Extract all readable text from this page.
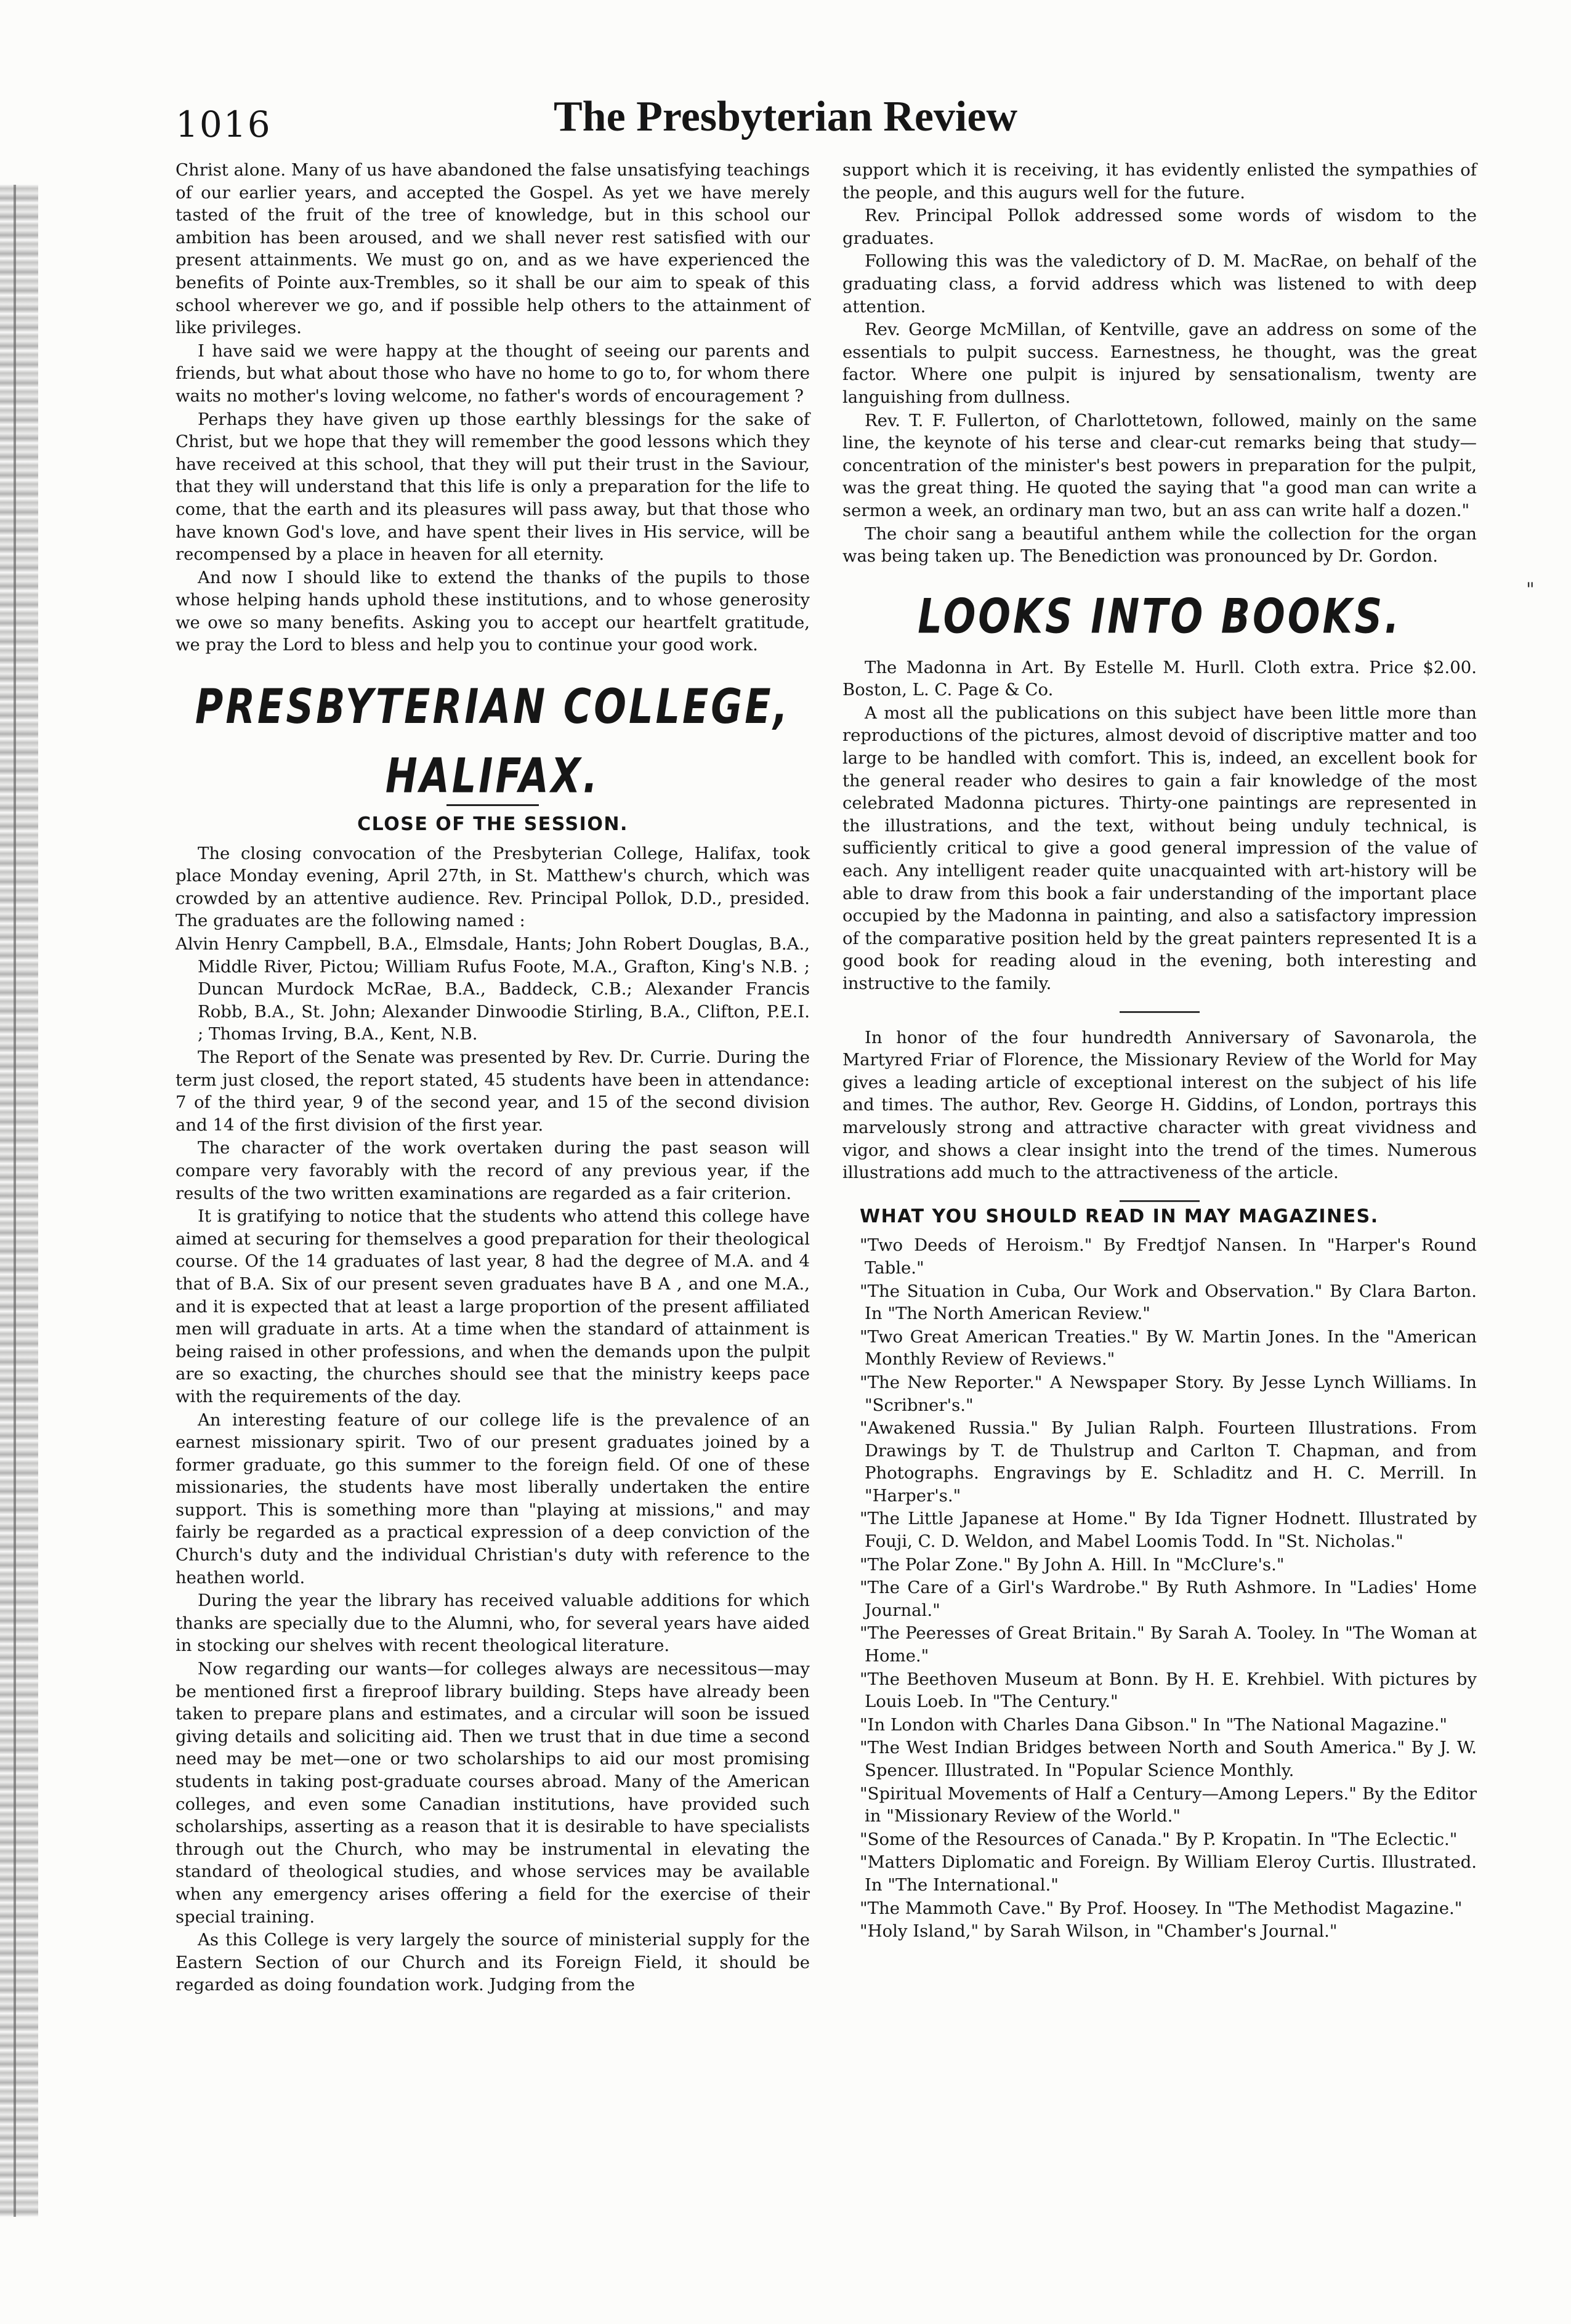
1016	The Presbyterian Review
"

Christ alone. Many of us have abandoned the false unsatisfying teachings of our earlier years, and accepted the Gospel. As yet we have merely tasted of the fruit of the tree of knowledge, but in this school our ambition has been aroused, and we shall never rest satisfied with our present attainments. We must go on, and as we have experienced the benefits of Pointe aux-Trembles, so it shall be our aim to speak of this school wherever we go, and if possible help others to the attainment of like privileges.

I have said we were happy at the thought of seeing our parents and friends, but what about those who have no home to go to, for whom there waits no mother's loving welcome, no father's words of encouragement ?

Perhaps they have given up those earthly blessings for the sake of Christ, but we hope that they will remember the good lessons which they have received at this school, that they will put their trust in the Saviour, that they will understand that this life is only a preparation for the life to come, that the earth and its pleasures will pass away, but that those who have known God's love, and have spent their lives in His service, will be recompensed by a place in heaven for all eternity.

And now I should like to extend the thanks of the pupils to those whose helping hands uphold these institutions, and to whose generosity we owe so many benefits. Asking you to accept our heartfelt gratitude, we pray the Lord to bless and help you to continue your good work.

PRESBYTERIAN COLLEGE, HALIFAX.
CLOSE OF THE SESSION.

The closing convocation of the Presbyterian College, Halifax, took place Monday evening, April 27th, in St. Matthew's church, which was crowded by an attentive audience. Rev. Principal Pollok, D.D., presided. The graduates are the following named :

Alvin Henry Campbell, B.A., Elmsdale, Hants; John Robert Douglas, B.A., Middle River, Pictou; William Rufus Foote, M.A., Grafton, King's N.B. ; Duncan Murdock McRae, B.A., Baddeck, C.B.; Alexander Francis Robb, B.A., St. John; Alexander Dinwoodie Stirling, B.A., Clifton, P.E.I. ; Thomas Irving, B.A., Kent, N.B.

The Report of the Senate was presented by Rev. Dr. Currie. During the term just closed, the report stated, 45 students have been in attendance: 7 of the third year, 9 of the second year, and 15 of the second division and 14 of the first division of the first year.

The character of the work overtaken during the past season will compare very favorably with the record of any previous year, if the results of the two written examinations are regarded as a fair criterion.

It is gratifying to notice that the students who attend this college have aimed at securing for themselves a good preparation for their theological course. Of the 14 graduates of last year, 8 had the degree of M.A. and 4 that of B.A. Six of our present seven graduates have B A , and one M.A., and it is expected that at least a large proportion of the present affiliated men will graduate in arts. At a time when the standard of attainment is being raised in other professions, and when the demands upon the pulpit are so exacting, the churches should see that the ministry keeps pace with the requirements of the day.

An interesting feature of our college life is the prevalence of an earnest missionary spirit. Two of our present graduates joined by a former graduate, go this summer to the foreign field. Of one of these missionaries, the students have most liberally undertaken the entire support. This is something more than "playing at missions," and may fairly be regarded as a practical expression of a deep conviction of the Church's duty and the individual Christian's duty with reference to the heathen world.

During the year the library has received valuable additions for which thanks are specially due to the Alumni, who, for several years have aided in stocking our shelves with recent theological literature.

Now regarding our wants—for colleges always are necessitous—may be mentioned first a fireproof library building. Steps have already been taken to prepare plans and estimates, and a circular will soon be issued giving details and soliciting aid. Then we trust that in due time a second need may be met—one or two scholarships to aid our most promising students in taking post-graduate courses abroad. Many of the American colleges, and even some Canadian institutions, have provided such scholarships, asserting as a reason that it is desirable to have specialists through out the Church, who may be instrumental in elevating the standard of theological studies, and whose services may be available when any emergency arises offering a field for the exercise of their special training.

As this College is very largely the source of ministerial supply for the Eastern Section of our Church and its Foreign Field, it should be regarded as doing foundation work. Judging from the

support which it is receiving, it has evidently enlisted the sympathies of the people, and this augurs well for the future.

Rev. Principal Pollok addressed some words of wisdom to the graduates.

Following this was the valedictory of D. M. MacRae, on behalf of the graduating class, a forvid address which was listened to with deep attention.

Rev. George McMillan, of Kentville, gave an address on some of the essentials to pulpit success. Earnestness, he thought, was the great factor. Where one pulpit is injured by sensationalism, twenty are languishing from dullness.

Rev. T. F. Fullerton, of Charlottetown, followed, mainly on the same line, the keynote of his terse and clear-cut remarks being that study—concentration of the minister's best powers in preparation for the pulpit, was the great thing. He quoted the saying that "a good man can write a sermon a week, an ordinary man two, but an ass can write half a dozen."

The choir sang a beautiful anthem while the collection for the organ was being taken up. The Benediction was pronounced by Dr. Gordon.

LOOKS INTO BOOKS.

The Madonna in Art. By Estelle M. Hurll. Cloth extra. Price $2.00. Boston, L. C. Page & Co.

A most all the publications on this subject have been little more than reproductions of the pictures, almost devoid of discriptive matter and too large to be handled with comfort. This is, indeed, an excellent book for the general reader who desires to gain a fair knowledge of the most celebrated Madonna pictures. Thirty-one paintings are represented in the illustrations, and the text, without being unduly technical, is sufficiently critical to give a good general impression of the value of each. Any intelligent reader quite unacquainted with art-history will be able to draw from this book a fair understanding of the important place occupied by the Madonna in painting, and also a satisfactory impression of the comparative position held by the great painters represented It is a good book for reading aloud in the evening, both interesting and instructive to the family.

In honor of the four hundredth Anniversary of Savonarola, the Martyred Friar of Florence, the Missionary Review of the World for May gives a leading article of exceptional interest on the subject of his life and times. The author, Rev. George H. Giddins, of London, portrays this marvelously strong and attractive character with great vividness and vigor, and shows a clear insight into the trend of the times. Numerous illustrations add much to the attractiveness of the article.

WHAT YOU SHOULD READ IN MAY MAGAZINES.

"Two Deeds of Heroism." By Fredtjof Nansen. In "Harper's Round Table."

"The Situation in Cuba, Our Work and Observation." By Clara Barton. In "The North American Review."

"Two Great American Treaties." By W. Martin Jones. In the "American Monthly Review of Reviews."

"The New Reporter." A Newspaper Story. By Jesse Lynch Williams. In "Scribner's."

"Awakened Russia." By Julian Ralph. Fourteen Illustrations. From Drawings by T. de Thulstrup and Carlton T. Chapman, and from Photographs. Engravings by E. Schladitz and H. C. Merrill. In "Harper's."

"The Little Japanese at Home." By Ida Tigner Hodnett. Illustrated by Fouji, C. D. Weldon, and Mabel Loomis Todd. In "St. Nicholas."

"The Polar Zone." By John A. Hill. In "McClure's."

"The Care of a Girl's Wardrobe." By Ruth Ashmore. In "Ladies' Home Journal."

"The Peeresses of Great Britain." By Sarah A. Tooley. In "The Woman at Home."

"The Beethoven Museum at Bonn. By H. E. Krehbiel. With pictures by Louis Loeb. In "The Century."

"In London with Charles Dana Gibson." In "The National Magazine."

"The West Indian Bridges between North and South America." By J. W. Spencer. Illustrated. In "Popular Science Monthly.

"Spiritual Movements of Half a Century—Among Lepers." By the Editor in "Missionary Review of the World."

"Some of the Resources of Canada." By P. Kropatin. In "The Eclectic."

"Matters Diplomatic and Foreign. By William Eleroy Curtis. Illustrated. In "The International."

"The Mammoth Cave." By Prof. Hoosey. In "The Methodist Magazine."

"Holy Island," by Sarah Wilson, in "Chamber's Journal."
